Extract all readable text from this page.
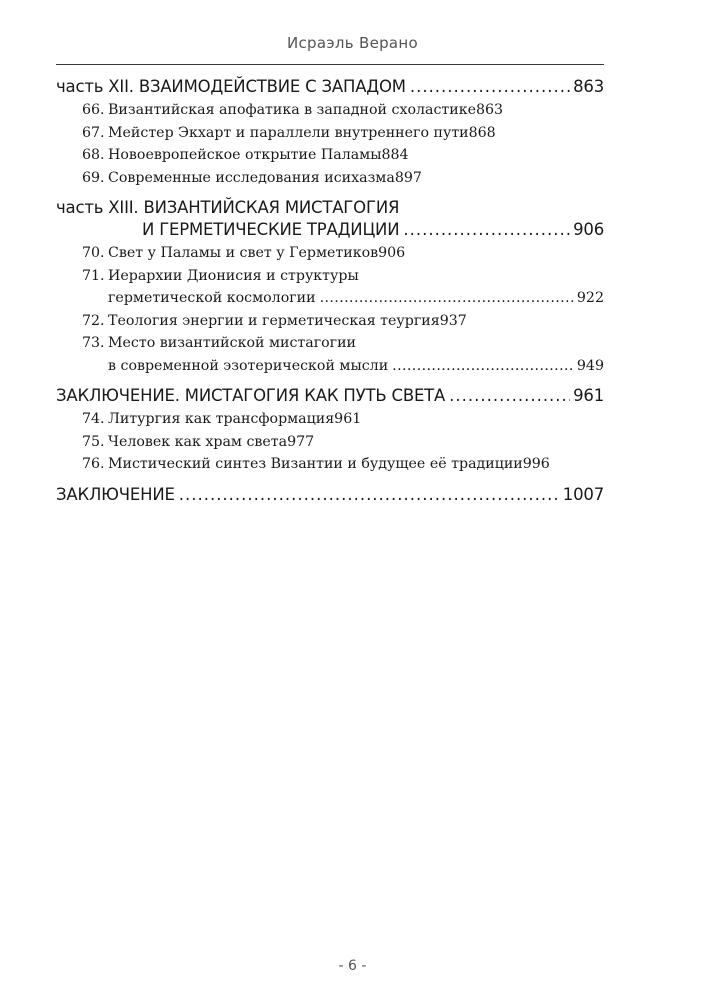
Исраэль Верано
часть XII. ВЗАИМОДЕЙСТВИЕ С ЗАПАДОМ .....	863
66. Византийская апофатика в западной схоластике 863
67. Мейстер Экхарт и параллели внутреннего пути 868
68. Новоевропейское открытие Паламы 884
69. Современные исследования исихазма 897
часть XIII. ВИЗАНТИЙСКАЯ МИСТАГОГИЯ
И ГЕРМЕТИЧЕСКИЕ ТРАДИЦИИ .....	906
70. Свет у Паламы и свет у Герметиков 906
71. Иерархии Дионисия и структуры
герметической космологии .....	922
72. Теология энергии и герметическая теургия 937
73. Место византийской мистагогии
в современной эзотерической мысли .....	949
ЗАКЛЮЧЕНИЕ. МИСТАГОГИЯ КАК ПУТЬ СВЕТА .....	961
74. Литургия как трансформация 961
75. Человек как храм света 977
76. Мистический синтез Византии и будущее её традиции 996
ЗАКЛЮЧЕНИЕ .....	1007
- 6 -
